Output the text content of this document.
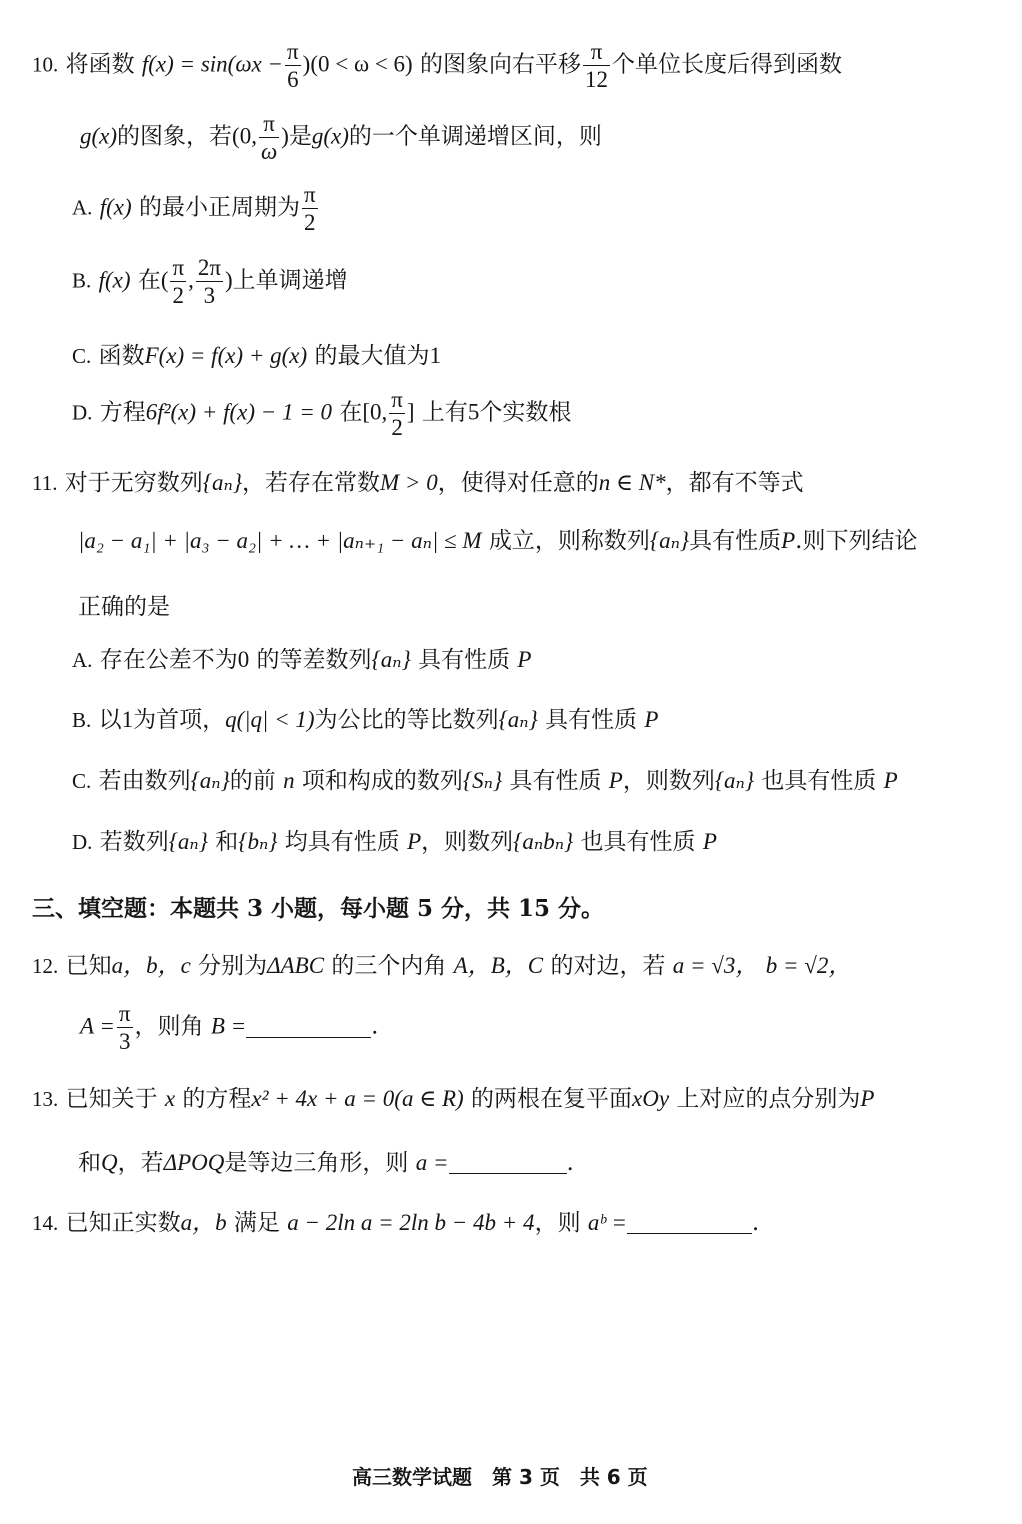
10. 将函数 $f(x) = \sin(\omega x - \frac{\pi}{6} )(0 < \omega < 6)$ 的图象向右平移 $\frac{\pi}{12}$ 个单位长度后得到函数
g(x)的图象，若(0, $\frac{\pi}{\omega}$ )是g(x)的一个单调递增区间，则
A. f(x) 的最小正周期为 $\frac{\pi}{2}$
B. f(x) 在( $\frac{\pi}{2}$ , $\frac{2\pi}{3}$ )上单调递增
C. 函数F(x) = f(x) + g(x) 的最大值为1
D. 方程6f²(x) + f(x) − 1 = 0 在[0, $\frac{\pi}{2}$ ] 上有5个实数根
11. 对于无穷数列{aₙ}，若存在常数M > 0，使得对任意的n ∈ N*，都有不等式
|a₂ − a₁| + |a₃ − a₂| + … + |aₙ₊₁ − aₙ| ≤ M 成立，则称数列{aₙ}具有性质P.则下列结论
正确的是
A. 存在公差不为0 的等差数列{aₙ} 具有性质 P
B. 以1为首项，q(|q| < 1)为公比的等比数列{aₙ} 具有性质 P
C. 若由数列{aₙ}的前 n 项和构成的数列{Sₙ} 具有性质 P，则数列{aₙ} 也具有性质 P
D. 若数列{aₙ} 和{bₙ} 均具有性质 P，则数列{aₙbₙ} 也具有性质 P
三、填空题：本题共 3 小题，每小题 5 分，共 15 分。
12. 已知a，b，c 分别为ΔABC 的三个内角 A，B，C 的对边，若 a = √3， b = √2，
$A = \frac{\pi}{3}$ ，则角 B =	.
13. 已知关于 x 的方程x² + 4x + a = 0(a ∈ R) 的两根在复平面xOy 上对应的点分别为P
和Q，若ΔPOQ是等边三角形，则 a =	.
14. 已知正实数a，b 满足 a − 2ln a = 2ln b − 4b + 4，则 aᵇ =	.
高三数学试题　第 3 页　共 6 页
